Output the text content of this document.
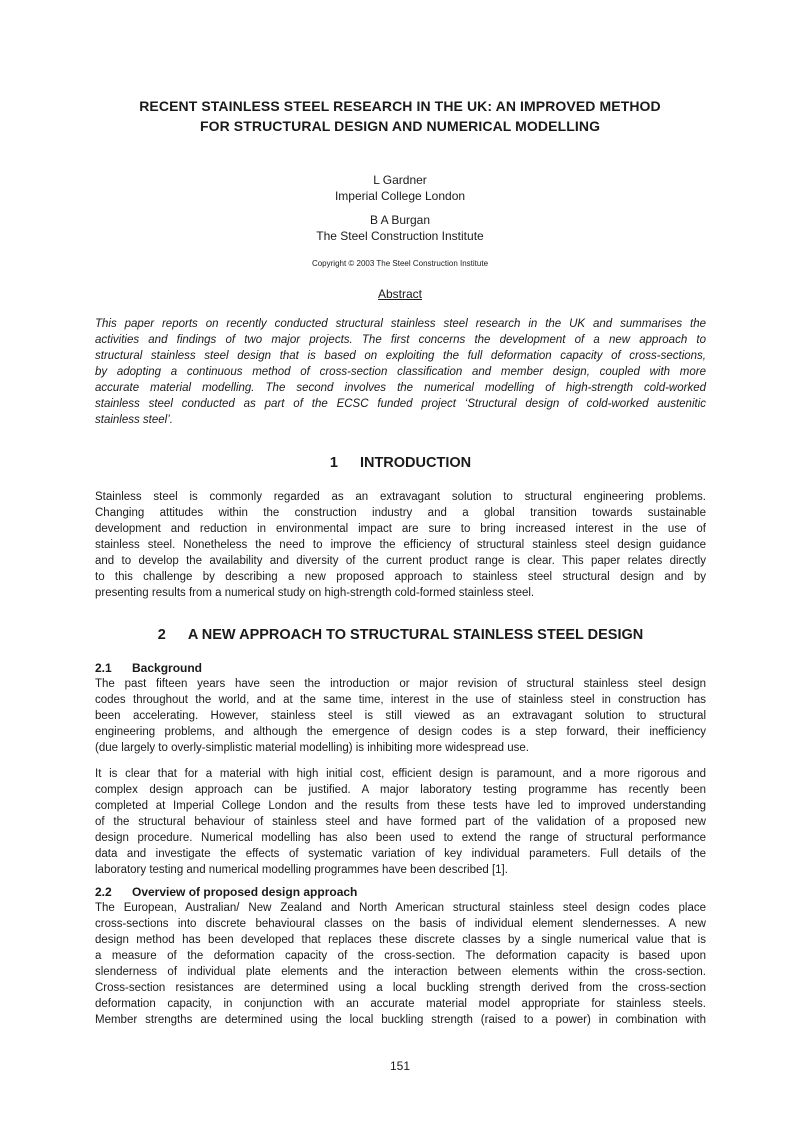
RECENT STAINLESS STEEL RESEARCH IN THE UK: AN IMPROVED METHOD
FOR STRUCTURAL DESIGN AND NUMERICAL MODELLING
L Gardner
Imperial College London
B A Burgan
The Steel Construction Institute
Copyright © 2003 The Steel Construction Institute
Abstract
This paper reports on recently conducted structural stainless steel research in the UK and summarises the
activities and findings of two major projects. The first concerns the development of a new approach to
structural stainless steel design that is based on exploiting the full deformation capacity of cross-sections,
by adopting a continuous method of cross-section classification and member design, coupled with more
accurate material modelling. The second involves the numerical modelling of high-strength cold-worked
stainless steel conducted as part of the ECSC funded project ‘Structural design of cold-worked austenitic
stainless steel’.
1 INTRODUCTION
Stainless steel is commonly regarded as an extravagant solution to structural engineering problems.
Changing attitudes within the construction industry and a global transition towards sustainable
development and reduction in environmental impact are sure to bring increased interest in the use of
stainless steel. Nonetheless the need to improve the efficiency of structural stainless steel design guidance
and to develop the availability and diversity of the current product range is clear. This paper relates directly
to this challenge by describing a new proposed approach to stainless steel structural design and by
presenting results from a numerical study on high-strength cold-formed stainless steel.
2 A NEW APPROACH TO STRUCTURAL STAINLESS STEEL DESIGN
2.1 Background
The past fifteen years have seen the introduction or major revision of structural stainless steel design
codes throughout the world, and at the same time, interest in the use of stainless steel in construction has
been accelerating. However, stainless steel is still viewed as an extravagant solution to structural
engineering problems, and although the emergence of design codes is a step forward, their inefficiency
(due largely to overly-simplistic material modelling) is inhibiting more widespread use.
It is clear that for a material with high initial cost, efficient design is paramount, and a more rigorous and
complex design approach can be justified. A major laboratory testing programme has recently been
completed at Imperial College London and the results from these tests have led to improved understanding
of the structural behaviour of stainless steel and have formed part of the validation of a proposed new
design procedure. Numerical modelling has also been used to extend the range of structural performance
data and investigate the effects of systematic variation of key individual parameters. Full details of the
laboratory testing and numerical modelling programmes have been described [1].
2.2 Overview of proposed design approach
The European, Australian/ New Zealand and North American structural stainless steel design codes place
cross-sections into discrete behavioural classes on the basis of individual element slendernesses. A new
design method has been developed that replaces these discrete classes by a single numerical value that is
a measure of the deformation capacity of the cross-section. The deformation capacity is based upon
slenderness of individual plate elements and the interaction between elements within the cross-section.
Cross-section resistances are determined using a local buckling strength derived from the cross-section
deformation capacity, in conjunction with an accurate material model appropriate for stainless steels.
Member strengths are determined using the local buckling strength (raised to a power) in combination with
151
